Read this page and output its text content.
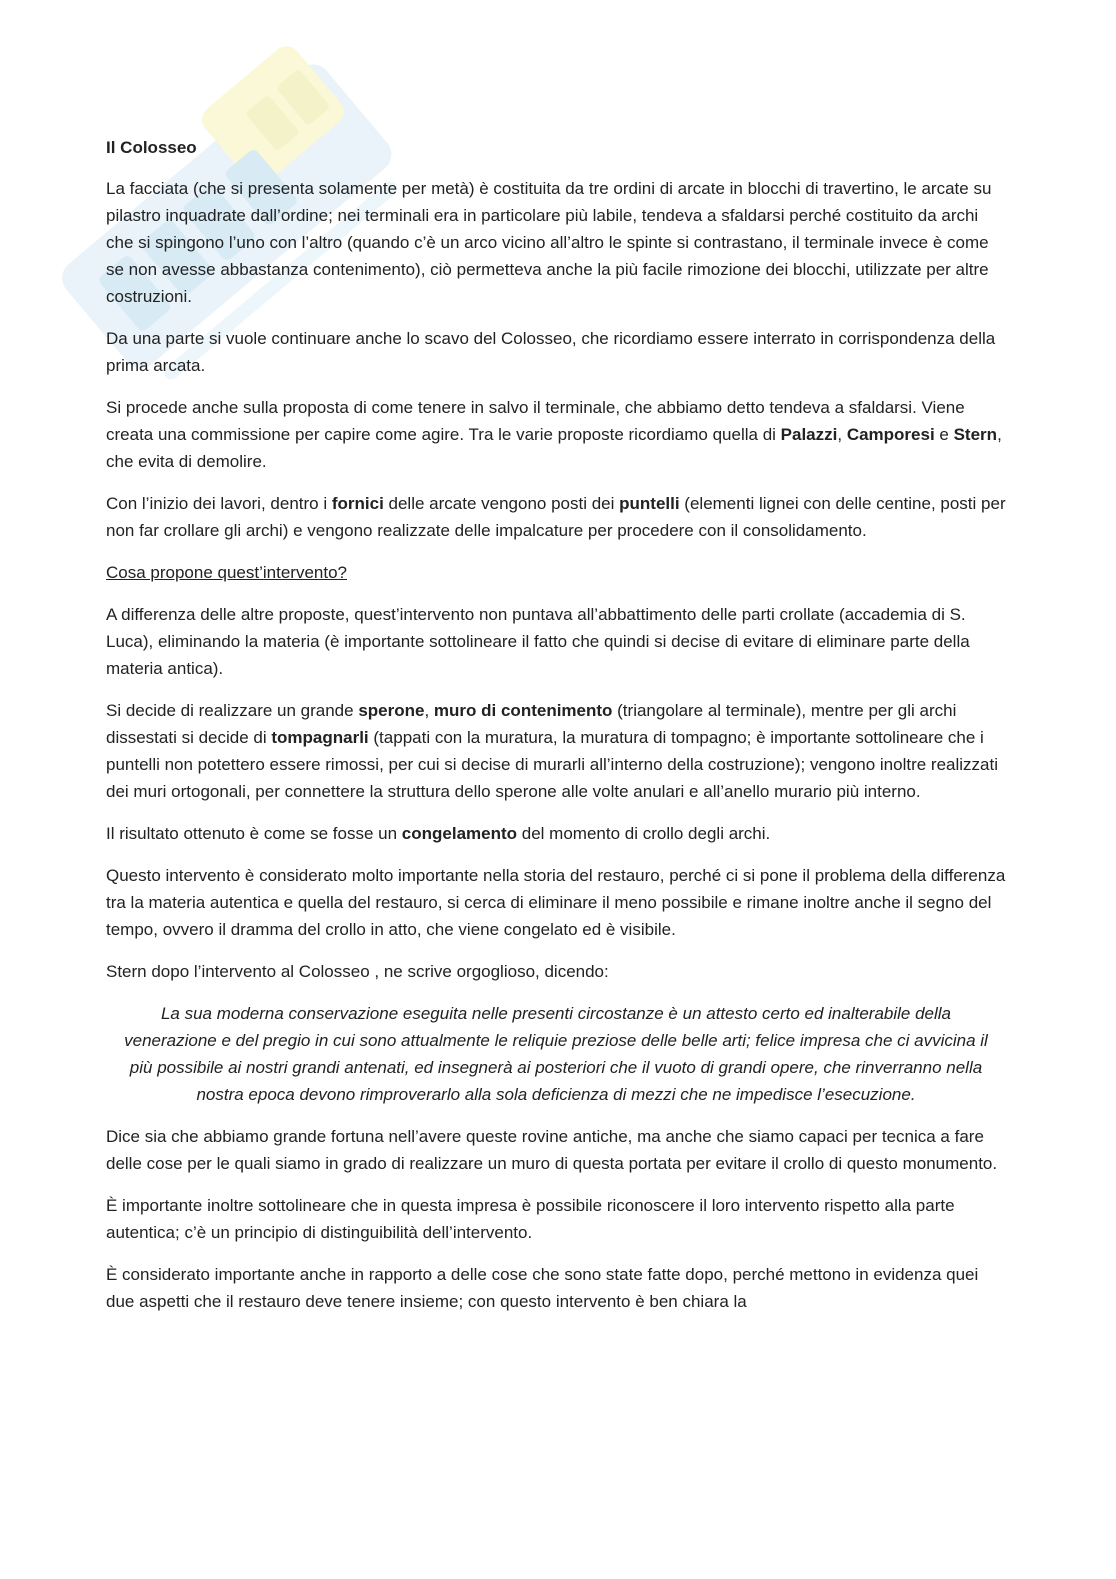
Il Colosseo

La facciata (che si presenta solamente per metà) è costituita da tre ordini di arcate in blocchi di travertino, le arcate su pilastro inquadrate dall’ordine; nei terminali era in particolare più labile, tendeva a sfaldarsi perché costituito da archi che si spingono l’uno con l’altro (quando c’è un arco vicino all’altro le spinte si contrastano, il terminale invece è come se non avesse abbastanza contenimento), ciò permetteva anche la più facile rimozione dei blocchi, utilizzate per altre costruzioni.

Da una parte si vuole continuare anche lo scavo del Colosseo, che ricordiamo essere interrato in corrispondenza della prima arcata.

Si procede anche sulla proposta di come tenere in salvo il terminale, che abbiamo detto tendeva a sfaldarsi. Viene creata una commissione per capire come agire. Tra le varie proposte ricordiamo quella di Palazzi, Camporesi e Stern, che evita di demolire.

Con l’inizio dei lavori, dentro i fornici delle arcate vengono posti dei puntelli (elementi lignei con delle centine, posti per non far crollare gli archi) e vengono realizzate delle impalcature per procedere con il consolidamento.

Cosa propone quest’intervento?

A differenza delle altre proposte, quest’intervento non puntava all’abbattimento delle parti crollate (accademia di S. Luca), eliminando la materia (è importante sottolineare il fatto che quindi si decise di evitare di eliminare parte della materia antica).

Si decide di realizzare un grande sperone, muro di contenimento (triangolare al terminale), mentre per gli archi dissestati si decide di tompagnarli (tappati con la muratura, la muratura di tompagno; è importante sottolineare che i puntelli non potettero essere rimossi, per cui si decise di murarli all’interno della costruzione); vengono inoltre realizzati dei muri ortogonali, per connettere la struttura dello sperone alle volte anulari e all’anello murario più interno.

Il risultato ottenuto è come se fosse un congelamento del momento di crollo degli archi.

Questo intervento è considerato molto importante nella storia del restauro, perché ci si pone il problema della differenza tra la materia autentica e quella del restauro, si cerca di eliminare il meno possibile e rimane inoltre anche il segno del tempo, ovvero il dramma del crollo in atto, che viene congelato ed è visibile.

Stern dopo l’intervento al Colosseo , ne scrive orgoglioso, dicendo:

La sua moderna conservazione eseguita nelle presenti circostanze è un attesto certo ed inalterabile della venerazione e del pregio in cui sono attualmente le reliquie preziose delle belle arti; felice impresa che ci avvicina il più possibile ai nostri grandi antenati, ed insegnerà ai posteriori che il vuoto di grandi opere, che rinverranno nella nostra epoca devono rimproverarlo alla sola deficienza di mezzi che ne impedisce l’esecuzione.

Dice sia che abbiamo grande fortuna nell’avere queste rovine antiche, ma anche che siamo capaci per tecnica a fare delle cose per le quali siamo in grado di realizzare un muro di questa portata per evitare il crollo di questo monumento.

È importante inoltre sottolineare che in questa impresa è possibile riconoscere il loro intervento rispetto alla parte autentica; c’è un principio di distinguibilità dell’intervento.

È considerato importante anche in rapporto a delle cose che sono state fatte dopo, perché mettono in evidenza quei due aspetti che il restauro deve tenere insieme; con questo intervento è ben chiara la
